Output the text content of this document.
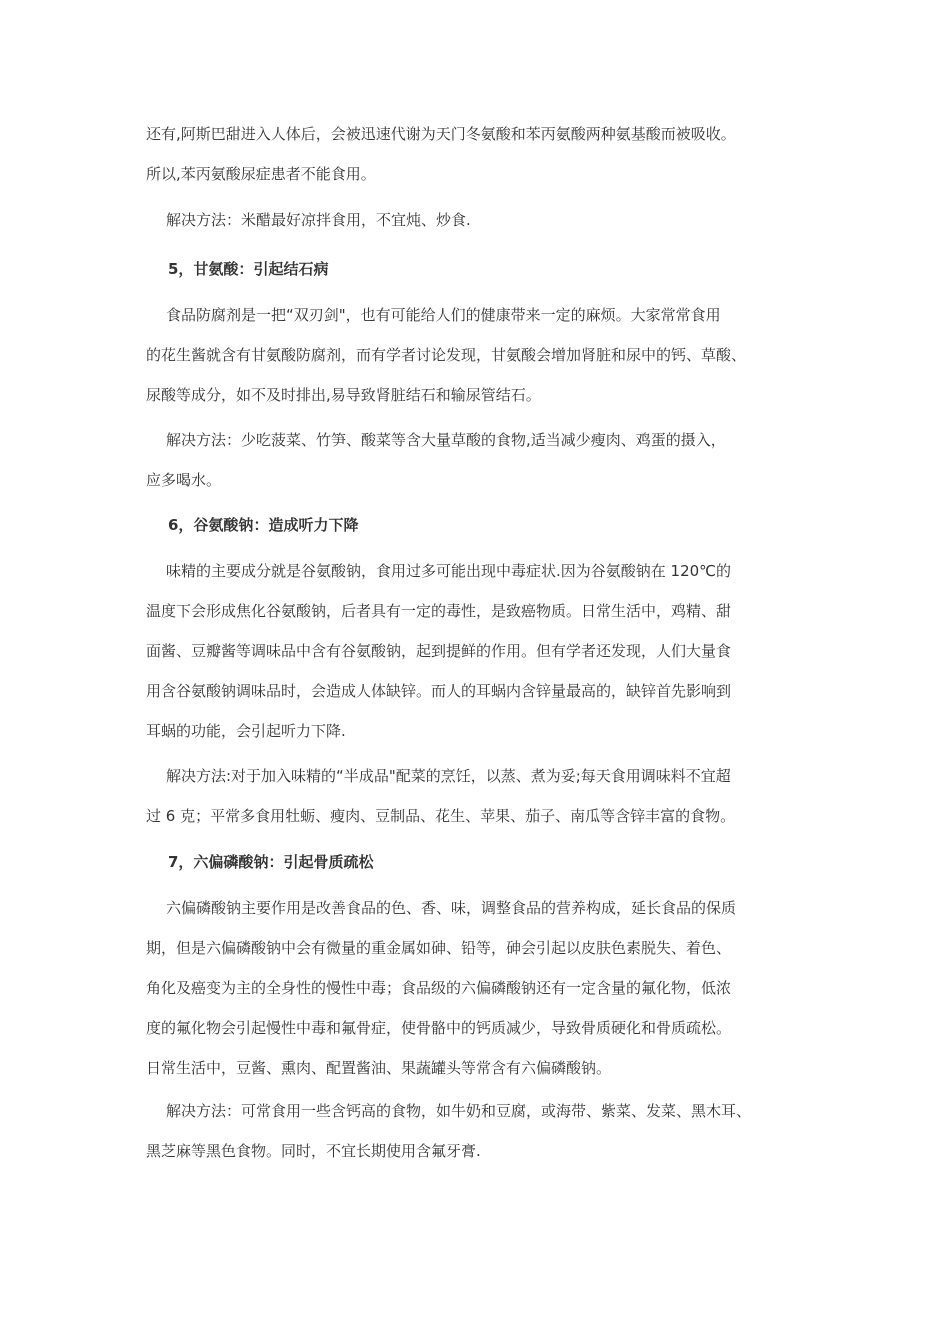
还有,阿斯巴甜进入人体后，会被迅速代谢为天门冬氨酸和苯丙氨酸两种氨基酸而被吸收。
所以,苯丙氨酸尿症患者不能食用。
解决方法：米醋最好凉拌食用，不宜炖、炒食.
5，甘氨酸：引起结石病
食品防腐剂是一把“双刃剑"，也有可能给人们的健康带来一定的麻烦。大家常常食用
的花生酱就含有甘氨酸防腐剂，而有学者讨论发现，甘氨酸会增加肾脏和尿中的钙、草酸、
尿酸等成分，如不及时排出,易导致肾脏结石和输尿管结石。
解决方法：少吃菠菜、竹笋、酸菜等含大量草酸的食物,适当减少瘦肉、鸡蛋的摄入，
应多喝水。
6，谷氨酸钠：造成听力下降
味精的主要成分就是谷氨酸钠，食用过多可能出现中毒症状.因为谷氨酸钠在 120℃的
温度下会形成焦化谷氨酸钠，后者具有一定的毒性，是致癌物质。日常生活中，鸡精、甜
面酱、豆瓣酱等调味品中含有谷氨酸钠，起到提鲜的作用。但有学者还发现，人们大量食
用含谷氨酸钠调味品时，会造成人体缺锌。而人的耳蜗内含锌量最高的，缺锌首先影响到
耳蜗的功能，会引起听力下降.
解决方法:对于加入味精的“半成品"配菜的烹饪，以蒸、煮为妥;每天食用调味料不宜超
过 6 克；平常多食用牡蛎、瘦肉、豆制品、花生、苹果、茄子、南瓜等含锌丰富的食物。
7，六偏磷酸钠：引起骨质疏松
六偏磷酸钠主要作用是改善食品的色、香、味，调整食品的营养构成，延长食品的保质
期，但是六偏磷酸钠中会有微量的重金属如砷、铅等，砷会引起以皮肤色素脱失、着色、
角化及癌变为主的全身性的慢性中毒；食品级的六偏磷酸钠还有一定含量的氟化物，低浓
度的氟化物会引起慢性中毒和氟骨症，使骨骼中的钙质减少，导致骨质硬化和骨质疏松。
日常生活中，豆酱、熏肉、配置酱油、果蔬罐头等常含有六偏磷酸钠。
解决方法：可常食用一些含钙高的食物，如牛奶和豆腐，或海带、紫菜、发菜、黑木耳、
黑芝麻等黑色食物。同时，不宜长期使用含氟牙膏.
